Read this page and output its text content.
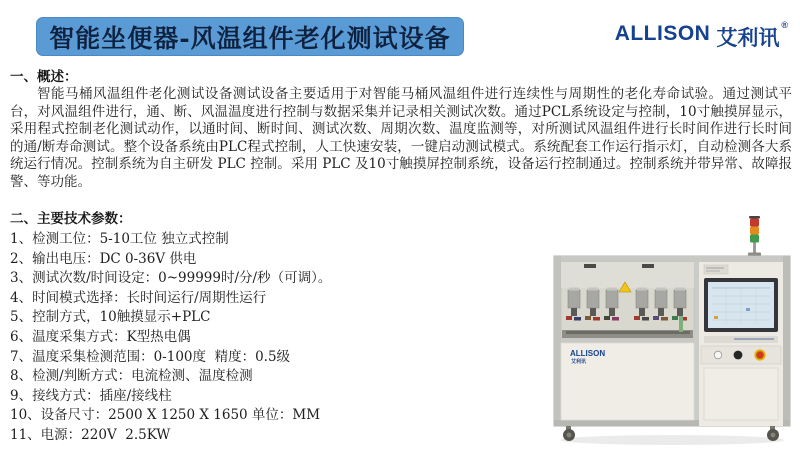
智能坐便器-风温组件老化测试设备	ALLISON 艾利讯
®
一、概述：
智能马桶风温组件老化测试设备测试设备主要适用于对智能马桶风温组件进行连续性与周期性的老化寿命试验。通过测试平台，对风温组件进行，通、断、风温温度进行控制与数据采集并记录相关测试次数。通过PCL系统设定与控制，10寸触摸屏显示，采用程式控制老化测试动作，以通时间、断时间、测试次数、周期次数、温度监测等，对所测试风温组件进行长时间作进行长时间的通/断寿命测试。整个设备系统由PLC程式控制，人工快速安装，一键启动测试模式。系统配套工作运行指示灯，自动检测各大系统运行情况。控制系统为自主研发 PLC 控制。采用 PLC 及10寸触摸屏控制系统，设备运行控制通过。控制系统并带异常、故障报警、等功能。
二、主要技术参数：
1、检测工位：5-10工位 独立式控制
2、输出电压：DC 0-36V 供电
3、测试次数/时间设定：0~99999时/分/秒（可调）。
4、时间模式选择：长时间运行/周期性运行
5、控制方式，10触摸显示+PLC
6、温度采集方式：K型热电偶
7、温度采集检测范围：0-100度  精度：0.5级
8、检测/判断方式：电流检测、温度检测
9、接线方式：插座/接线柱
10、设备尺寸：2500 X 1250 X 1650 单位：MM
11、电源：220V  2.5KW
ALLISON
艾利讯
